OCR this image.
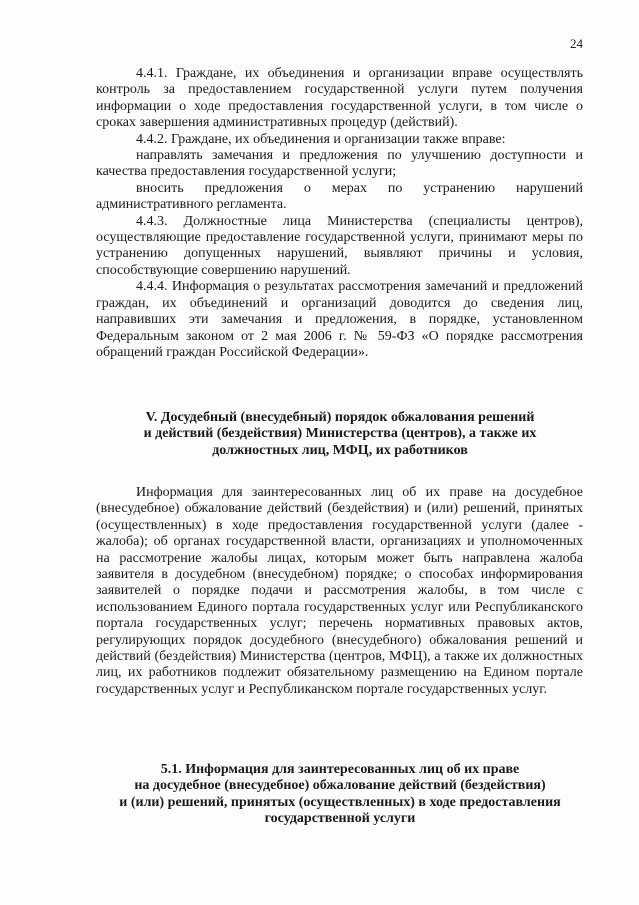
24

4.4.1. Граждане, их объединения и организации вправе осуществлять контроль за предоставлением государственной услуги путем получения информации о ходе предоставления государственной услуги, в том числе о сроках завершения административных процедур (действий).

4.4.2. Граждане, их объединения и организации также вправе:

направлять замечания и предложения по улучшению доступности и качества предоставления государственной услуги;

вносить предложения о мерах по устранению нарушений административного регламента.

4.4.3. Должностные лица Министерства (специалисты центров), осуществляющие предоставление государственной услуги, принимают меры по устранению допущенных нарушений, выявляют причины и условия, способствующие совершению нарушений.

4.4.4. Информация о результатах рассмотрения замечаний и предложений граждан, их объединений и организаций доводится до сведения лиц, направивших эти замечания и предложения, в порядке, установленном Федеральным законом от 2 мая 2006 г. № 59-ФЗ «О порядке рассмотрения обращений граждан Российской Федерации».

V. Досудебный (внесудебный) порядок обжалования решений
и действий (бездействия) Министерства (центров), а также их
должностных лиц, МФЦ, их работников

Информация для заинтересованных лиц об их праве на досудебное (внесудебное) обжалование действий (бездействия) и (или) решений, принятых (осуществленных) в ходе предоставления государственной услуги (далее - жалоба); об органах государственной власти, организациях и уполномоченных на рассмотрение жалобы лицах, которым может быть направлена жалоба заявителя в досудебном (внесудебном) порядке; о способах информирования заявителей о порядке подачи и рассмотрения жалобы, в том числе с использованием Единого портала государственных услуг или Республиканского портала государственных услуг; перечень нормативных правовых актов, регулирующих порядок досудебного (внесудебного) обжалования решений и действий (бездействия) Министерства (центров, МФЦ), а также их должностных лиц, их работников подлежит обязательному размещению на Едином портале государственных услуг и Республиканском портале государственных услуг.

5.1. Информация для заинтересованных лиц об их праве
на досудебное (внесудебное) обжалование действий (бездействия)
и (или) решений, принятых (осуществленных) в ходе предоставления
государственной услуги
